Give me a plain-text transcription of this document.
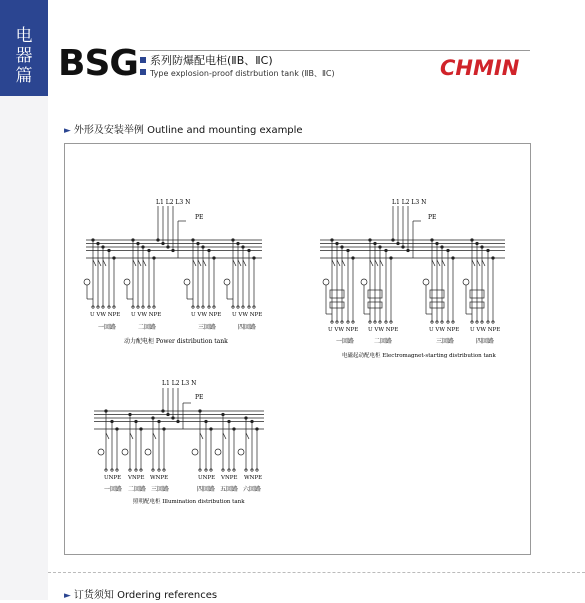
电
器
篇 BSG	系列防爆配电柜(ⅡB、ⅡC)
Type explosion-proof distrbution tank (ⅡB、ⅡC)	CHMIN
► 外形及安装举例 Outline and mounting example
L1 L2 L3 N
PE
U VW NPE U VW NPE	U VW NPE U VW NPE
一回路	二回路	三回路	四回路
动力配电柜 Power distribution tank
L1 L2 L3 N
PE
U VW NPE U VW NPE	U VW NPE U VW NPE
一回路	二回路	三回路	四回路
电磁起动配电柜 Electromagnet-starting distribution tank
L1 L2 L3 N
PE
UNPE VNPE WNPE	UNPE VNPE WNPE
一回路 二回路 三回路	四回路 五回路 六回路
照明配电柜 Illumination distribution tank
► 订货须知 Ordering references
